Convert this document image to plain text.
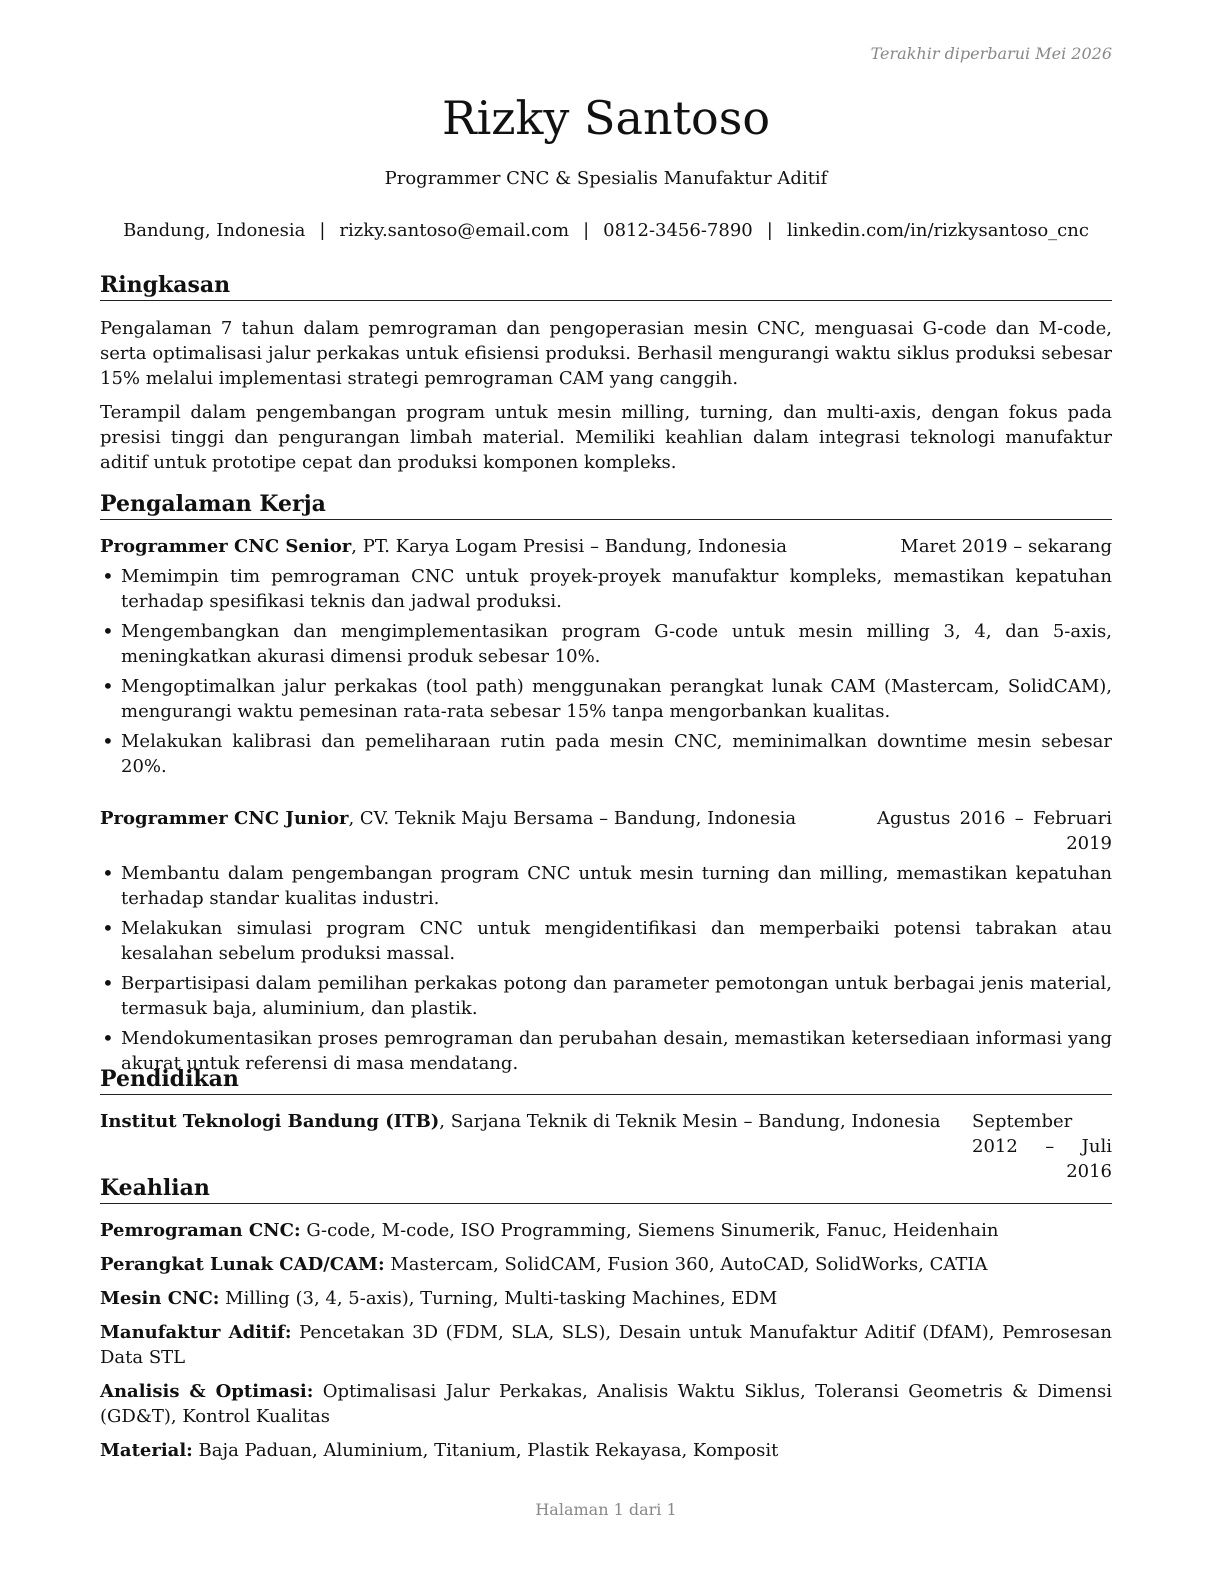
Terakhir diperbarui Mei 2026
Rizky Santoso
Programmer CNC & Spesialis Manufaktur Aditif
Bandung, Indonesia | rizky.santoso@email.com | 0812-3456-7890 | linkedin.com/in/rizkysantoso_cnc
Ringkasan

Pengalaman 7 tahun dalam pemrograman dan pengoperasian mesin CNC, menguasai G-code dan M-code, serta optimalisasi jalur perkakas untuk efisiensi produksi. Berhasil mengurangi waktu siklus produksi sebesar 15% melalui implementasi strategi pemrograman CAM yang canggih.

Terampil dalam pengembangan program untuk mesin milling, turning, dan multi-axis, dengan fokus pada presisi tinggi dan pengurangan limbah material. Memiliki keahlian dalam integrasi teknologi manufaktur aditif untuk prototipe cepat dan produksi komponen kompleks.

Pengalaman Kerja
Programmer CNC Senior, PT. Karya Logam Presisi – Bandung, Indonesia	Maret 2019 – sekarang
• Memimpin tim pemrograman CNC untuk proyek-proyek manufaktur kompleks, memastikan kepatuhan terhadap spesifikasi teknis dan jadwal produksi.
• Mengembangkan dan mengimplementasikan program G-code untuk mesin milling 3, 4, dan 5-axis, meningkatkan akurasi dimensi produk sebesar 10%.
• Mengoptimalkan jalur perkakas (tool path) menggunakan perangkat lunak CAM (Mastercam, SolidCAM), mengurangi waktu pemesinan rata-rata sebesar 15% tanpa mengorbankan kualitas.
• Melakukan kalibrasi dan pemeliharaan rutin pada mesin CNC, meminimalkan downtime mesin sebesar 20%.
Programmer CNC Junior, CV. Teknik Maju Bersama – Bandung, Indonesia	Agustus 2016 – Februari 2019
• Membantu dalam pengembangan program CNC untuk mesin turning dan milling, memastikan kepatuhan terhadap standar kualitas industri.
• Melakukan simulasi program CNC untuk mengidentifikasi dan memperbaiki potensi tabrakan atau kesalahan sebelum produksi massal.
• Berpartisipasi dalam pemilihan perkakas potong dan parameter pemotongan untuk berbagai jenis material, termasuk baja, aluminium, dan plastik.
• Mendokumentasikan proses pemrograman dan perubahan desain, memastikan ketersediaan informasi yang akurat untuk referensi di masa mendatang.
Pendidikan
Institut Teknologi Bandung (ITB), Sarjana Teknik di Teknik Mesin – Bandung, Indonesia September 2012 – Juli 2016
Keahlian
Pemrograman CNC: G-code, M-code, ISO Programming, Siemens Sinumerik, Fanuc, Heidenhain
Perangkat Lunak CAD/CAM: Mastercam, SolidCAM, Fusion 360, AutoCAD, SolidWorks, CATIA
Mesin CNC: Milling (3, 4, 5-axis), Turning, Multi-tasking Machines, EDM
Manufaktur Aditif: Pencetakan 3D (FDM, SLA, SLS), Desain untuk Manufaktur Aditif (DfAM), Pemrosesan Data STL
Analisis & Optimasi: Optimalisasi Jalur Perkakas, Analisis Waktu Siklus, Toleransi Geometris & Dimensi (GD&T), Kontrol Kualitas
Material: Baja Paduan, Aluminium, Titanium, Plastik Rekayasa, Komposit
Halaman 1 dari 1
